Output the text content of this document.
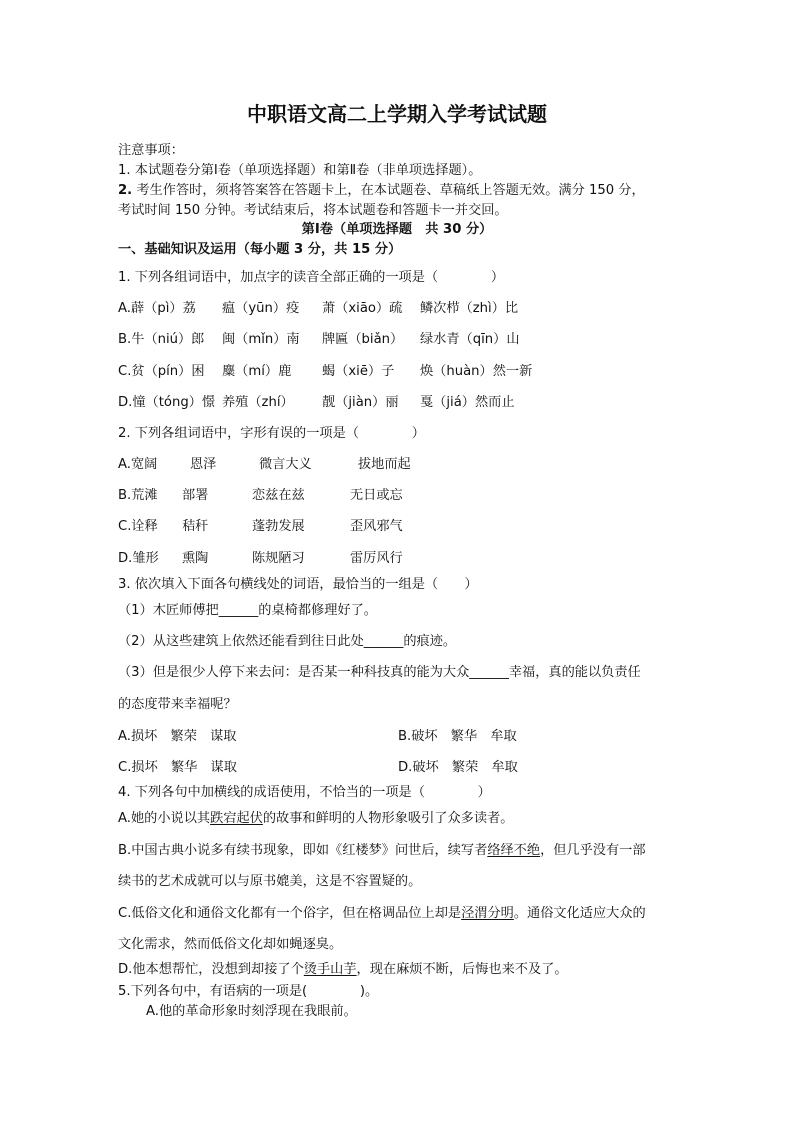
中职语文高二上学期入学考试试题
注意事项：
1. 本试题卷分第Ⅰ卷（单项选择题）和第Ⅱ卷（非单项选择题）。
2. 考生作答时，须将答案答在答题卡上，在本试题卷、草稿纸上答题无效。满分 150 分，
考试时间 150 分钟。考试结束后，将本试题卷和答题卡一并交回。
第Ⅰ卷（单项选择题　共 30 分）
一、基础知识及运用（每小题 3 分，共 15 分）
1. 下列各组词语中，加点字的读音全部正确的一项是（　　　　）
A.薜（pì）荔 瘟（yūn）疫 萧（xiāo）疏 鳞次栉（zhì）比
B.牛（niú）郎 闽（mǐn）南 牌匾（biǎn） 绿水青（qīn）山
C.贫（pín）困 麋（mí）鹿 蝎（xiē）子 焕（huàn）然一新
D.憧（tóng）憬 养殖（zhí） 靓（jiàn）丽 戛（jiá）然而止
2. 下列各组词语中，字形有误的一项是（　　　　）
A.宽阔 恩泽	微言大义	拔地而起
B.荒滩 部署	恋兹在兹	无日或忘
C.诠释 秸秆	蓬勃发展	歪风邪气
D.雏形 熏陶	陈规陋习	雷厉风行
3. 依次填入下面各句横线处的词语，最恰当的一组是（　　）
（1）木匠师傅把______的桌椅都修理好了。
（2）从这些建筑上依然还能看到往日此处______的痕迹。
（3）但是很少人停下来去问：是否某一种科技真的能为大众______幸福，真的能以负责任
的态度带来幸福呢？
A.损坏　繁荣　谋取	B.破坏　繁华　牟取
C.损坏　繁华　谋取	D.破坏　繁荣　牟取
4. 下列各句中加横线的成语使用，不恰当的一项是（　　　　）
A.她的小说以其跌宕起伏的故事和鲜明的人物形象吸引了众多读者。
B.中国古典小说多有续书现象，即如《红楼梦》问世后，续写者络绎不绝，但几乎没有一部
续书的艺术成就可以与原书媲美，这是不容置疑的。
C.低俗文化和通俗文化都有一个俗字，但在格调品位上却是泾渭分明。通俗文化适应大众的
文化需求，然而低俗文化却如蝇逐臭。
D.他本想帮忙，没想到却接了个烫手山芋，现在麻烦不断，后悔也来不及了。
5.下列各句中，有语病的一项是(　　　　)。
A.他的革命形象时刻浮现在我眼前。
